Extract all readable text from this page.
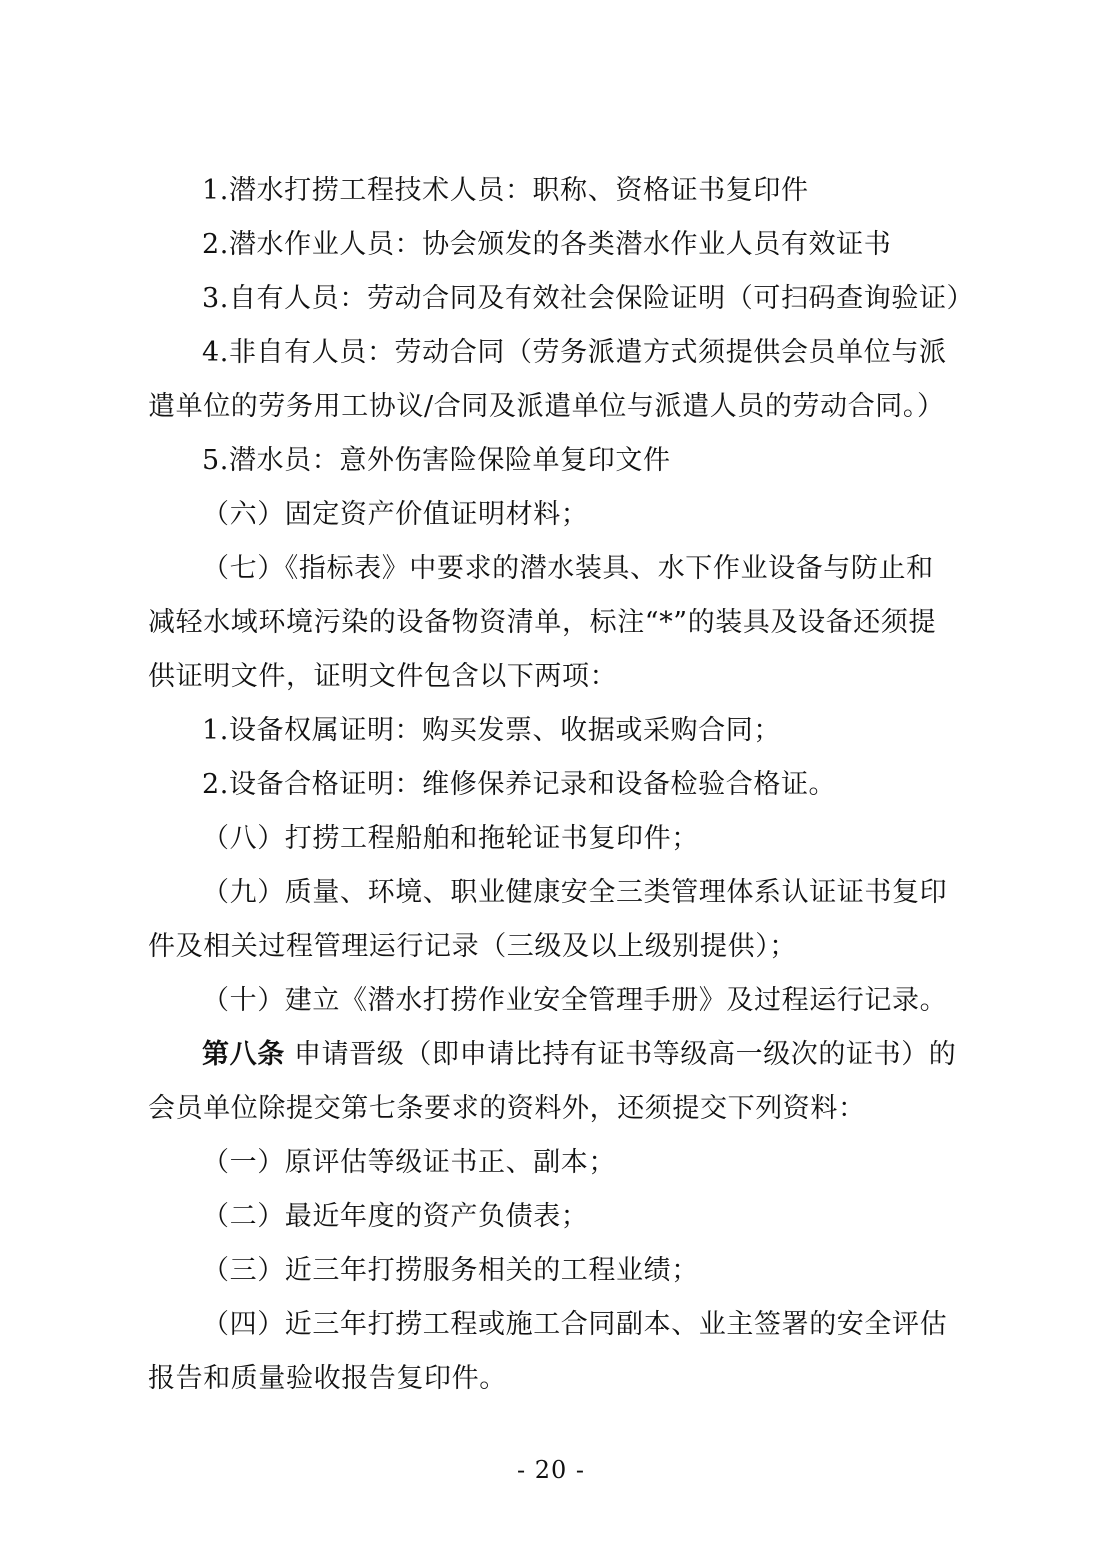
1.潜水打捞工程技术人员：职称、资格证书复印件
2.潜水作业人员：协会颁发的各类潜水作业人员有效证书
3.自有人员：劳动合同及有效社会保险证明（可扫码查询验证）
4.非自有人员：劳动合同（劳务派遣方式须提供会员单位与派
遣单位的劳务用工协议/合同及派遣单位与派遣人员的劳动合同。）
5.潜水员：意外伤害险保险单复印文件
（六）固定资产价值证明材料；
（七）《指标表》中要求的潜水装具、水下作业设备与防止和
减轻水域环境污染的设备物资清单，标注“*”的装具及设备还须提
供证明文件，证明文件包含以下两项：
1.设备权属证明：购买发票、收据或采购合同；
2.设备合格证明：维修保养记录和设备检验合格证。
（八）打捞工程船舶和拖轮证书复印件；
（九）质量、环境、职业健康安全三类管理体系认证证书复印
件及相关过程管理运行记录（三级及以上级别提供）；
（十）建立《潜水打捞作业安全管理手册》及过程运行记录。
第八条 申请晋级（即申请比持有证书等级高一级次的证书）的
会员单位除提交第七条要求的资料外，还须提交下列资料：
（一）原评估等级证书正、副本；
（二）最近年度的资产负债表；
（三）近三年打捞服务相关的工程业绩；
（四）近三年打捞工程或施工合同副本、业主签署的安全评估
报告和质量验收报告复印件。
- 20 -
